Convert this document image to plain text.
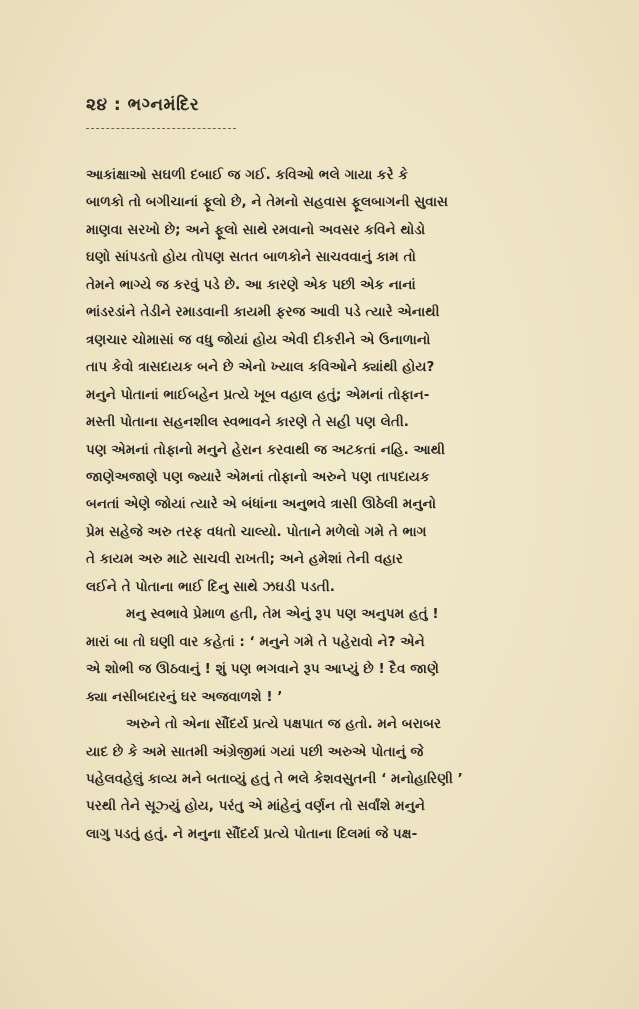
૨૪ : ભગ્નમંદિર
આકાંક્ષાઓ સઘળી દબાઈ જ ગઈ. કવિઓ ભલે ગાયા કરે કે
બાળકો તો બગીચાનાં ફૂલો છે, ને તેમનો સહવાસ ફૂલબાગની સુવાસ
માણવા સરખો છે; અને ફૂલો સાથે રમવાનો અવસર કવિને થોડો
ઘણો સાંપડતો હોય તોપણ સતત બાળકોને સાચવવાનું કામ તો
તેમને ભાગ્યે જ કરવું પડે છે. આ કારણે એક પછી એક નાનાં
ભાંડરડાંને તેડીને રમાડવાની કાયમી ફરજ આવી પડે ત્યારે એનાથી
ત્રણચાર ચોમાસાં જ વધુ જોયાં હોય એવી દીકરીને એ ઉનાળાનો
તાપ કેવો ત્રાસદાયક બને છે એનો ખ્યાલ કવિઓને ક્યાંથી હોય?
મનુને પોતાનાં ભાઈબહેન પ્રત્યે ખૂબ વહાલ હતું; એમનાં તોફાન-
મસ્તી પોતાના સહનશીલ સ્વભાવને કારણે તે સહી પણ લેતી.
પણ એમનાં તોફાનો મનુને હેરાન કરવાથી જ અટકતાં નહિ. આથી
જાણેઅજાણે પણ જ્યારે એમનાં તોફાનો અરુને પણ તાપદાયક
બનતાં એણે જોયાં ત્યારે એ બંધાંના અનુભવે ત્રાસી ઊઠેલી મનુનો
પ્રેમ સહેજે અરુ તરફ વધતો ચાલ્યો. પોતાને મળેલો ગમે તે ભાગ
તે કાયમ અરુ માટે સાચવી રાખતી; અને હમેશાં તેની વહાર
લઈને તે પોતાના ભાઈ દિનુ સાથે ઝઘડી પડતી.
મનુ સ્વભાવે પ્રેમાળ હતી, તેમ એનું રૂપ પણ અનુપમ હતું !
મારાં બા તો ઘણી વાર કહેતાં : ‘ મનુને ગમે તે પહેરાવો ને? એને
એ શોભી જ ઊઠવાનું ! શું પણ ભગવાને રૂપ આપ્યું છે ! દૈવ જાણે
ક્યા નસીબદારનું ઘર અજવાળશે ! ’
અરુને તો એના સૌંદર્ય પ્રત્યે પક્ષપાત જ હતો. મને બરાબર
યાદ છે કે અમે સાતમી અંગ્રેજીમાં ગયાં પછી અરુએ પોતાનું જે
પહેલવહેલું કાવ્ય મને બતાવ્યું હતું તે ભલે કેશવસુતની ‘ મનોહારિણી ’
પરથી તેને સૂઝ્યું હોય, પરંતુ એ માંહેનું વર્ણન તો સર્વાંશે મનુને
લાગુ પડતું હતું. ને મનુના સૌંદર્ય પ્રત્યે પોતાના દિલમાં જે પક્ષ-
